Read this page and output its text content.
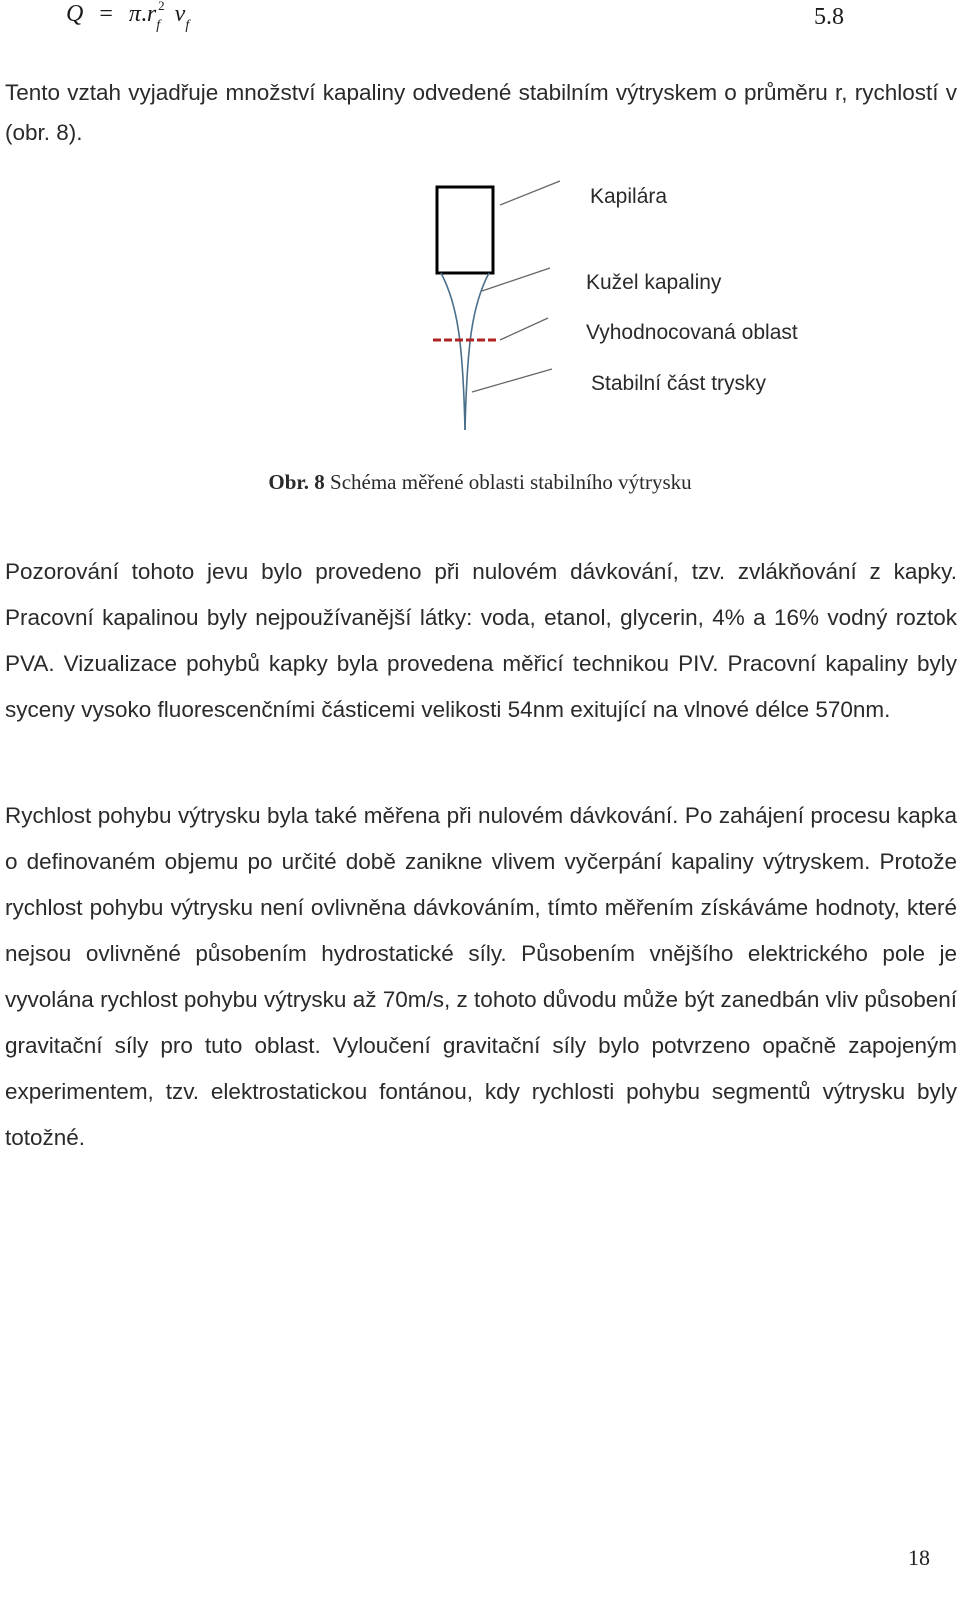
$Q = \pi.r_f^2$ $v_f$	5.8

Tento vztah vyjadřuje množství kapaliny odvedené stabilním výtryskem o průměru r, rychlostí v (obr. 8).

Kapilára
Kužel kapaliny
Vyhodnocovaná oblast
Stabilní část trysky
Obr. 8 Schéma měřené oblasti stabilního výtrysku

Pozorování tohoto jevu bylo provedeno při nulovém dávkování, tzv. zvlákňování z kapky. Pracovní kapalinou byly nejpoužívanější látky: voda, etanol, glycerin, 4% a 16% vodný roztok PVA. Vizualizace pohybů kapky byla provedena měřicí technikou PIV. Pracovní kapaliny byly syceny vysoko fluorescenčními částicemi velikosti 54nm exitující na vlnové délce 570nm.

Rychlost pohybu výtrysku byla také měřena při nulovém dávkování. Po zahájení procesu kapka o definovaném objemu po určité době zanikne vlivem vyčerpání kapaliny výtryskem. Protože rychlost pohybu výtrysku není ovlivněna dávkováním, tímto měřením získáváme hodnoty, které nejsou ovlivněné působením hydrostatické síly. Působením vnějšího elektrického pole je vyvolána rychlost pohybu výtrysku až 70m/s, z tohoto důvodu může být zanedbán vliv působení gravitační síly pro tuto oblast. Vyloučení gravitační síly bylo potvrzeno opačně zapojeným experimentem, tzv. elektrostatickou fontánou, kdy rychlosti pohybu segmentů výtrysku byly totožné.

18
